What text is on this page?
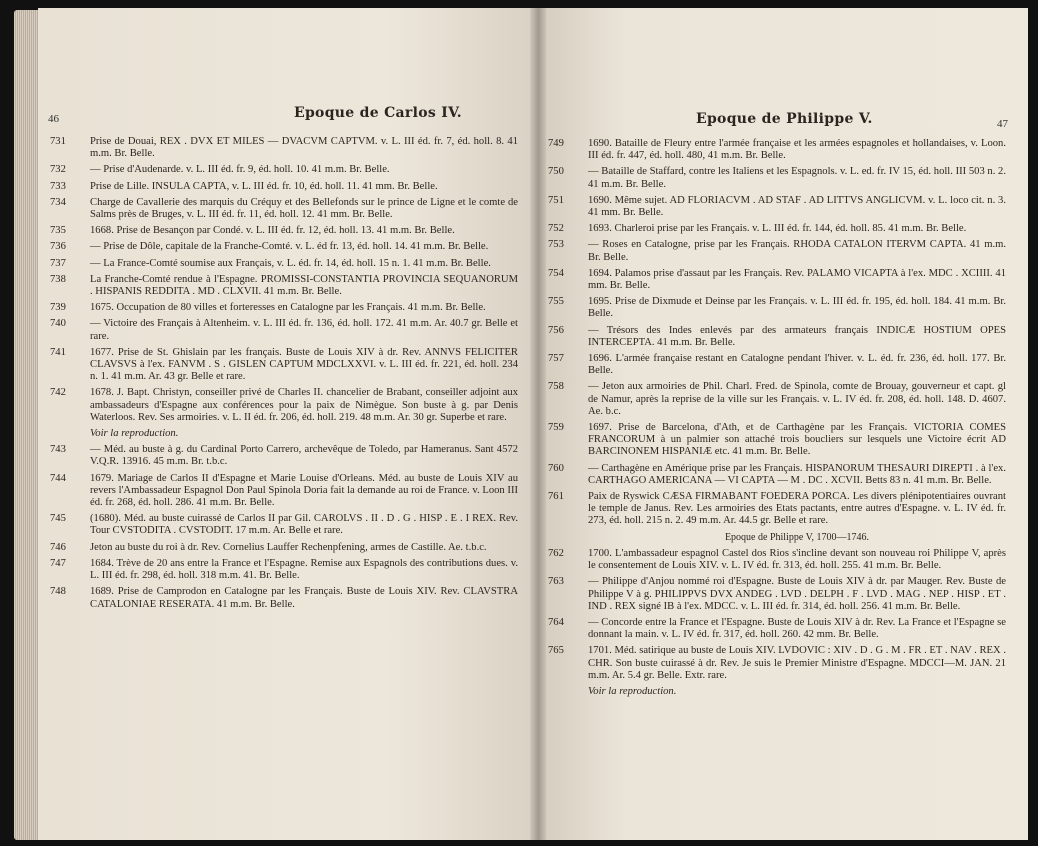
46	Epoque de Carlos IV.
731	Prise de Douai, REX . DVX ET MILES — DVACVM CAPTVM. v. L. III éd. fr. 7, éd. holl. 8. 41 m.m. Br. Belle.
732	— Prise d'Audenarde. v. L. III éd. fr. 9, éd. holl. 10. 41 m.m. Br. Belle.
733	Prise de Lille. INSULA CAPTA, v. L. III éd. fr. 10, éd. holl. 11. 41 mm. Br. Belle.
734	Charge de Cavallerie des marquis du Créquy et des Bellefonds sur le prince de Ligne et le comte de Salms près de Bruges, v. L. III éd. fr. 11, éd. holl. 12. 41 mm. Br. Belle.
735	1668. Prise de Besançon par Condé. v. L. III éd. fr. 12, éd. holl. 13. 41 m.m. Br. Belle.
736	— Prise de Dôle, capitale de la Franche-Comté. v. L. éd fr. 13, éd. holl. 14. 41 m.m. Br. Belle.
737	— La France-Comté soumise aux Français, v. L. éd. fr. 14, éd. holl. 15 n. 1. 41 m.m. Br. Belle.
738	La Franche-Comté rendue à l'Espagne. PROMISSI-CONSTANTIA PROVINCIA SEQUANORUM . HISPANIS REDDITA . MD . CLXVII. 41 m.m. Br. Belle.
739	1675. Occupation de 80 villes et forteresses en Catalogne par les Français. 41 m.m. Br. Belle.
740	— Victoire des Français à Altenheim. v. L. III éd. fr. 136, éd. holl. 172. 41 m.m. Ar. 40.7 gr. Belle et rare.
741	1677. Prise de St. Ghislain par les français. Buste de Louis XIV à dr. Rev. ANNVS FELICITER CLAVSVS à l'ex. FANVM . S . GISLEN CAPTUM MDCLXXVI. v. L. III éd. fr. 221, éd. holl. 234 n. 1. 41 m.m. Ar. 43 gr. Belle et rare.
742	1678. J. Bapt. Christyn, conseiller privé de Charles II. chancelier de Brabant, conseiller adjoint aux ambassadeurs d'Espagne aux conférences pour la paix de Nimègue. Son buste à g. par Denis Waterloos. Rev. Ses armoiries. v. L. II éd. fr. 206, éd. holl. 219. 48 m.m. Ar. 30 gr. Superbe et rare.
Voir la reproduction.
743	— Méd. au buste à g. du Cardinal Porto Carrero, archevêque de Toledo, par Hameranus. Sant 4572 V.Q.R. 13916. 45 m.m. Br. t.b.c.
744	1679. Mariage de Carlos II d'Espagne et Marie Louise d'Orleans. Méd. au buste de Louis XIV au revers l'Ambassadeur Espagnol Don Paul Spinola Doria fait la demande au roi de France. v. Loon III éd. fr. 268, éd. holl. 286. 41 m.m. Br. Belle.
745	(1680). Méd. au buste cuirassé de Carlos II par Gil. CAROLVS . II . D . G . HISP . E . I REX. Rev. Tour CVSTODITA . CVSTODIT. 17 m.m. Ar. Belle et rare.
746	Jeton au buste du roi à dr. Rev. Cornelius Lauffer Rechenpfening, armes de Castille. Ae. t.b.c.
747	1684. Trève de 20 ans entre la France et l'Espagne. Remise aux Espagnols des contributions dues. v. L. III éd. fr. 298, éd. holl. 318 m.m. 41. Br. Belle.
748	1689. Prise de Camprodon en Catalogne par les Français. Buste de Louis XIV. Rev. CLAVSTRA CATALONIAE RESERATA. 41 m.m. Br. Belle.
47
Epoque de Philippe V.
749	1690. Bataille de Fleury entre l'armée française et les armées espagnoles et hollandaises, v. Loon. III éd. fr. 447, éd. holl. 480, 41 m.m. Br. Belle.
750	— Bataille de Staffard, contre les Italiens et les Espagnols. v. L. ed. fr. IV 15, éd. holl. III 503 n. 2. 41 m.m. Br. Belle.
751	1690. Même sujet. AD FLORIACVM . AD STAF . AD LITTVS ANGLICVM. v. L. loco cit. n. 3. 41 mm. Br. Belle.
752	1693. Charleroi prise par les Français. v. L. III éd. fr. 144, éd. holl. 85. 41 m.m. Br. Belle.
753	— Roses en Catalogne, prise par les Français. RHODA CATALON ITERVM CAPTA. 41 m.m. Br. Belle.
754	1694. Palamos prise d'assaut par les Français. Rev. PALAMO VICAPTA à l'ex. MDC . XCIIII. 41 mm. Br. Belle.
755	1695. Prise de Dixmude et Deinse par les Français. v. L. III éd. fr. 195, éd. holl. 184. 41 m.m. Br. Belle.
756	— Trésors des Indes enlevés par des armateurs français INDICÆ HOSTIUM OPES INTERCEPTA. 41 m.m. Br. Belle.
757	1696. L'armée française restant en Catalogne pendant l'hiver. v. L. éd. fr. 236, éd. holl. 177. Br. Belle.
758	— Jeton aux armoiries de Phil. Charl. Fred. de Spinola, comte de Brouay, gouverneur et capt. gl de Namur, après la reprise de la ville sur les Français. v. L. IV éd. fr. 208, éd. holl. 148. D. 4607. Ae. b.c.
759	1697. Prise de Barcelona, d'Ath, et de Carthagène par les Français. VICTORIA COMES FRANCORUM à un palmier son attaché trois boucliers sur lesquels une Victoire écrit AD BARCINONEM HISPANIÆ etc. 41 m.m. Br. Belle.
760	— Carthagène en Amérique prise par les Français. HISPANORUM THESAURI DIREPTI . à l'ex. CARTHAGO AMERICANA — VI CAPTA — M . DC . XCVII. Betts 83 n. 41 m.m. Br. Belle.
761	Paix de Ryswick CÆSA FIRMABANT FOEDERA PORCA. Les divers plénipotentiaires ouvrant le temple de Janus. Rev. Les armoiries des Etats pactants, entre autres d'Espagne. v. L. IV éd. fr. 273, éd. holl. 215 n. 2. 49 m.m. Ar. 44.5 gr. Belle et rare.
Epoque de Philippe V, 1700—1746.
762	1700. L'ambassadeur espagnol Castel dos Rios s'incline devant son nouveau roi Philippe V, après le consentement de Louis XIV. v. L. IV éd. fr. 313, éd. holl. 255. 41 m.m. Br. Belle.
763	— Philippe d'Anjou nommé roi d'Espagne. Buste de Louis XIV à dr. par Mauger. Rev. Buste de Philippe V à g. PHILIPPVS DVX ANDEG . LVD . DELPH . F . LVD . MAG . NEP . HISP . ET . IND . REX signé IB à l'ex. MDCC. v. L. III éd. fr. 314, éd. holl. 256. 41 m.m. Br. Belle.
764	— Concorde entre la France et l'Espagne. Buste de Louis XIV à dr. Rev. La France et l'Espagne se donnant la main. v. L. IV éd. fr. 317, éd. holl. 260. 42 mm. Br. Belle.
765	1701. Méd. satirique au buste de Louis XIV. LVDOVIC : XIV . D . G . M . FR . ET . NAV . REX . CHR. Son buste cuirassé à dr. Rev. Je suis le Premier Ministre d'Espagne. MDCCI—M. JAN. 21 m.m. Ar. 5.4 gr. Belle. Extr. rare.
Voir la reproduction.
